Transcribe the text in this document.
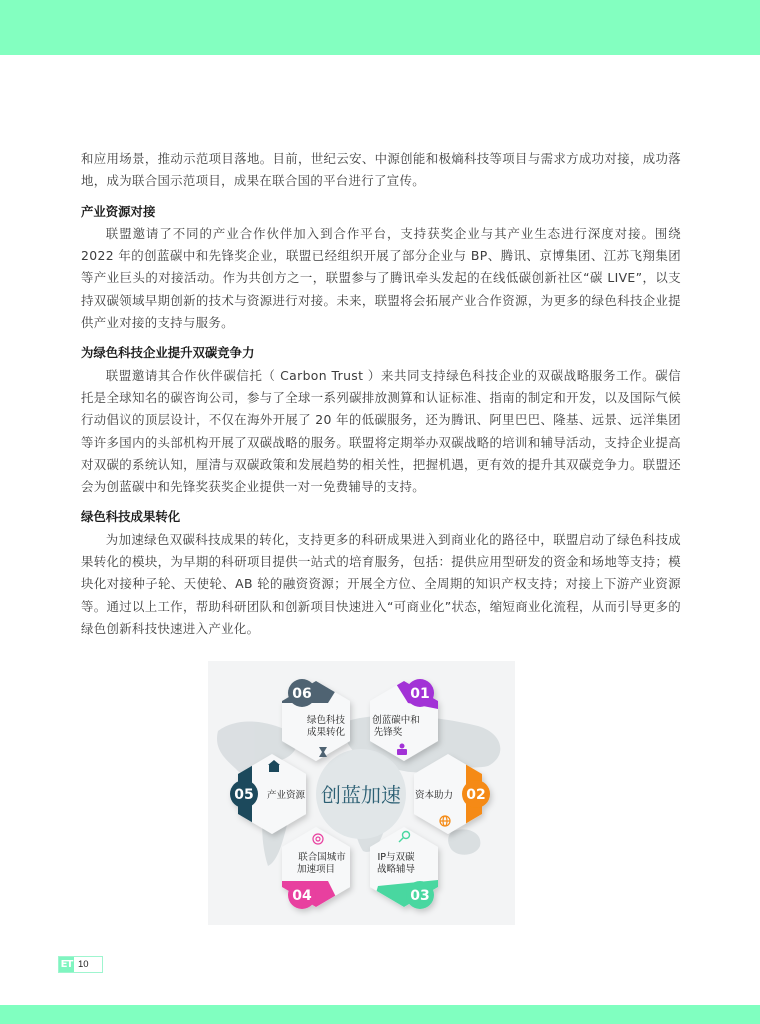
和应用场景，推动示范项目落地。目前，世纪云安、中源创能和极熵科技等项目与需求方成功对接，成功落地，成为联合国示范项目，成果在联合国的平台进行了宣传。

产业资源对接

联盟邀请了不同的产业合作伙伴加入到合作平台，支持获奖企业与其产业生态进行深度对接。围绕 2022 年的创蓝碳中和先锋奖企业，联盟已经组织开展了部分企业与 BP、腾讯、京博集团、江苏飞翔集团等产业巨头的对接活动。作为共创方之一，联盟参与了腾讯牵头发起的在线低碳创新社区“碳 LIVE”，以支持双碳领域早期创新的技术与资源进行对接。未来，联盟将会拓展产业合作资源，为更多的绿色科技企业提供产业对接的支持与服务。

为绿色科技企业提升双碳竞争力

联盟邀请其合作伙伴碳信托（ Carbon Trust ）来共同支持绿色科技企业的双碳战略服务工作。碳信托是全球知名的碳咨询公司，参与了全球一系列碳排放测算和认证标准、指南的制定和开发，以及国际气候行动倡议的顶层设计，不仅在海外开展了 20 年的低碳服务，还为腾讯、阿里巴巴、隆基、远景、远洋集团等许多国内的头部机构开展了双碳战略的服务。联盟将定期举办双碳战略的培训和辅导活动，支持企业提高对双碳的系统认知，厘清与双碳政策和发展趋势的相关性，把握机遇，更有效的提升其双碳竞争力。联盟还会为创蓝碳中和先锋奖获奖企业提供一对一免费辅导的支持。

绿色科技成果转化

为加速绿色双碳科技成果的转化，支持更多的科研成果进入到商业化的路径中，联盟启动了绿色科技成果转化的模块，为早期的科研项目提供一站式的培育服务，包括：提供应用型研发的资金和场地等支持；模块化对接种子轮、天使轮、AB 轮的融资资源；开展全方位、全周期的知识产权支持；对接上下游产业资源等。通过以上工作，帮助科研团队和创新项目快速进入“可商业化”状态，缩短商业化流程，从而引导更多的绿色创新科技快速进入产业化。

06
绿色科技
成果转化
01
创蓝碳中和
先锋奖
05 产业资源	02
资本助力
04
联合国城市
加速项目
03
IP与双碳
战略辅导
创蓝加速
ET 10
